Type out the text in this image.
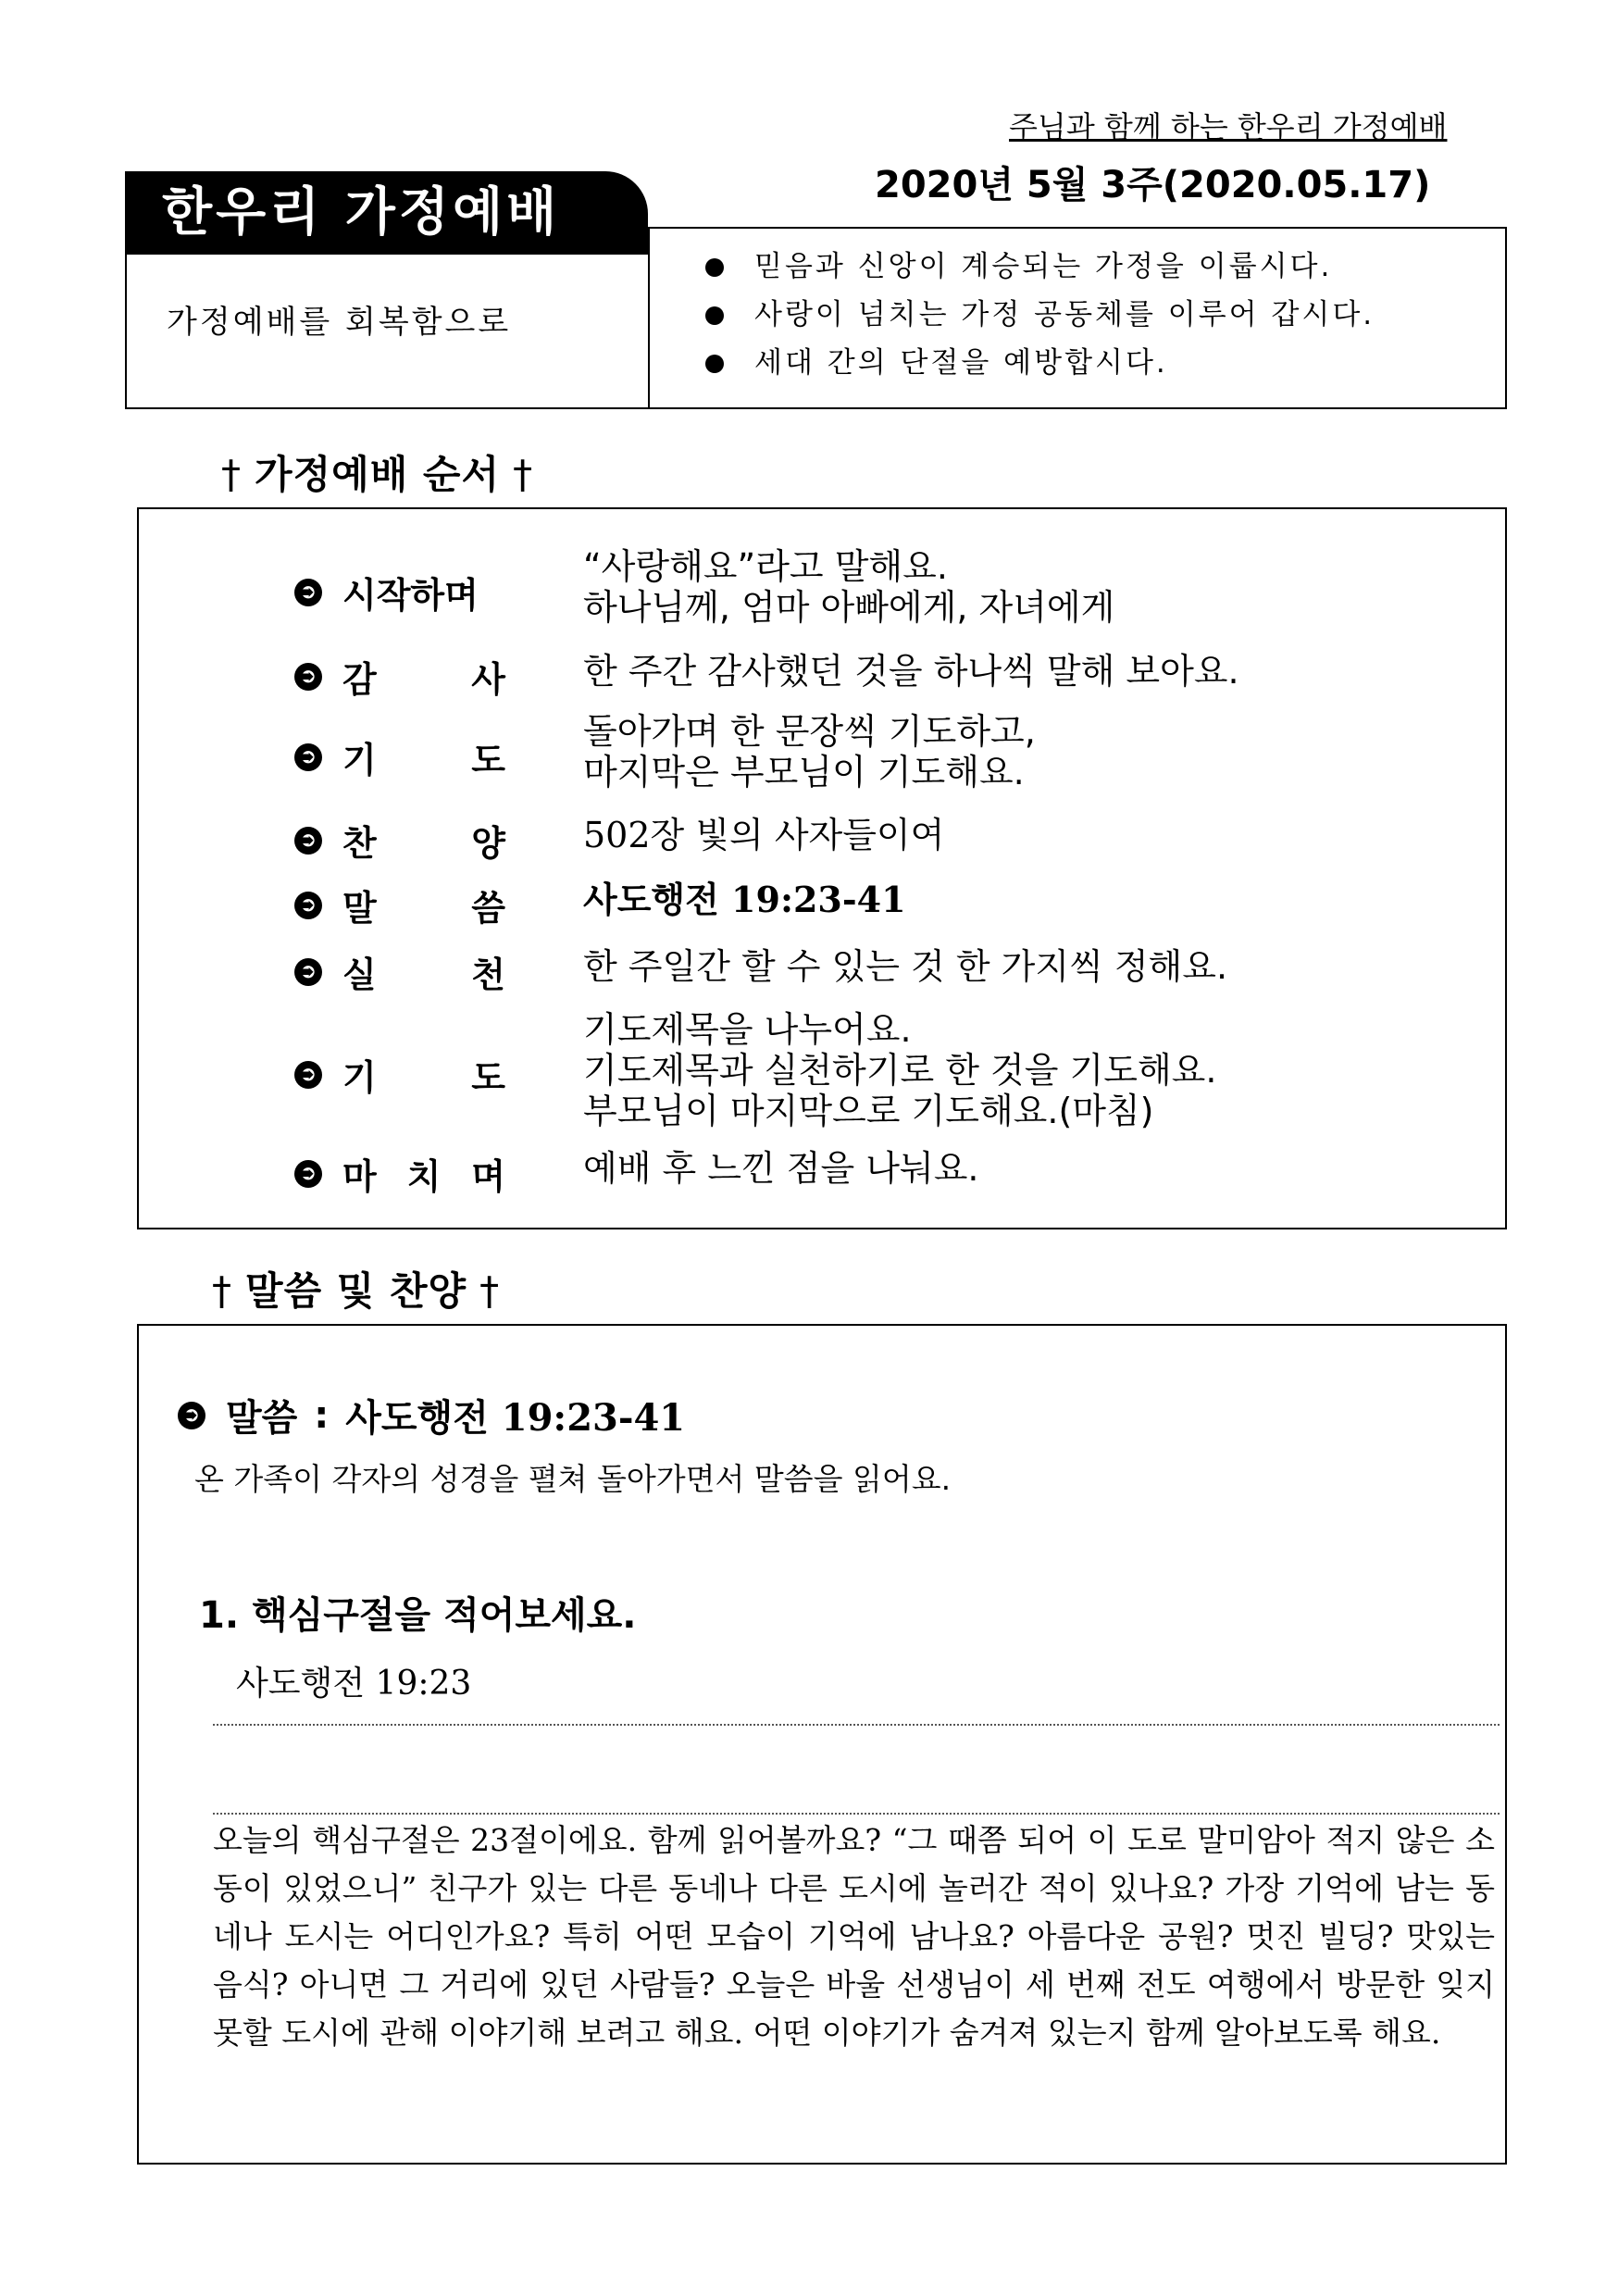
주님과 함께 하는 한우리 가정예배
2020년 5월 3주(2020.05.17)
한우리 가정예배
가정예배를 회복함으로
믿음과 신앙이 계승되는 가정을 이룹시다.
사랑이 넘치는 가정 공동체를 이루어 갑시다.
세대 간의 단절을 예방합시다.
† 가정예배 순서 †
➲ 시작하며
“사랑해요”라고 말해요.
하나님께, 엄마 아빠에게, 자녀에게
➲ 감	사 한 주간 감사했던 것을 하나씩 말해 보아요.
➲ 기	도
돌아가며 한 문장씩 기도하고,
마지막은 부모님이 기도해요.
➲ 찬	양 502장 빛의 사자들이여
➲ 말	씀 사도행전 19:23-41
➲ 실	천 한 주일간 할 수 있는 것 한 가지씩 정해요.
➲ 기	도
기도제목을 나누어요.
기도제목과 실천하기로 한 것을 기도해요.
부모님이 마지막으로 기도해요.(마침)
➲ 마 치 며 예배 후 느낀 점을 나눠요.
† 말씀 및 찬양 †
➲ 말씀 : 사도행전 19:23-41
온 가족이 각자의 성경을 펼쳐 돌아가면서 말씀을 읽어요.
1. 핵심구절을 적어보세요.
사도행전 19:23

오늘의 핵심구절은 23절이에요. 함께 읽어볼까요? “그 때쯤 되어 이 도로 말미암아 적지 않은 소동이 있었으니” 친구가 있는 다른 동네나 다른 도시에 놀러간 적이 있나요? 가장 기억에 남는 동네나 도시는 어디인가요? 특히 어떤 모습이 기억에 남나요? 아름다운 공원? 멋진 빌딩? 맛있는 음식? 아니면 그 거리에 있던 사람들? 오늘은 바울 선생님이 세 번째 전도 여행에서 방문한 잊지 못할 도시에 관해 이야기해 보려고 해요. 어떤 이야기가 숨겨져 있는지 함께 알아보도록 해요.
